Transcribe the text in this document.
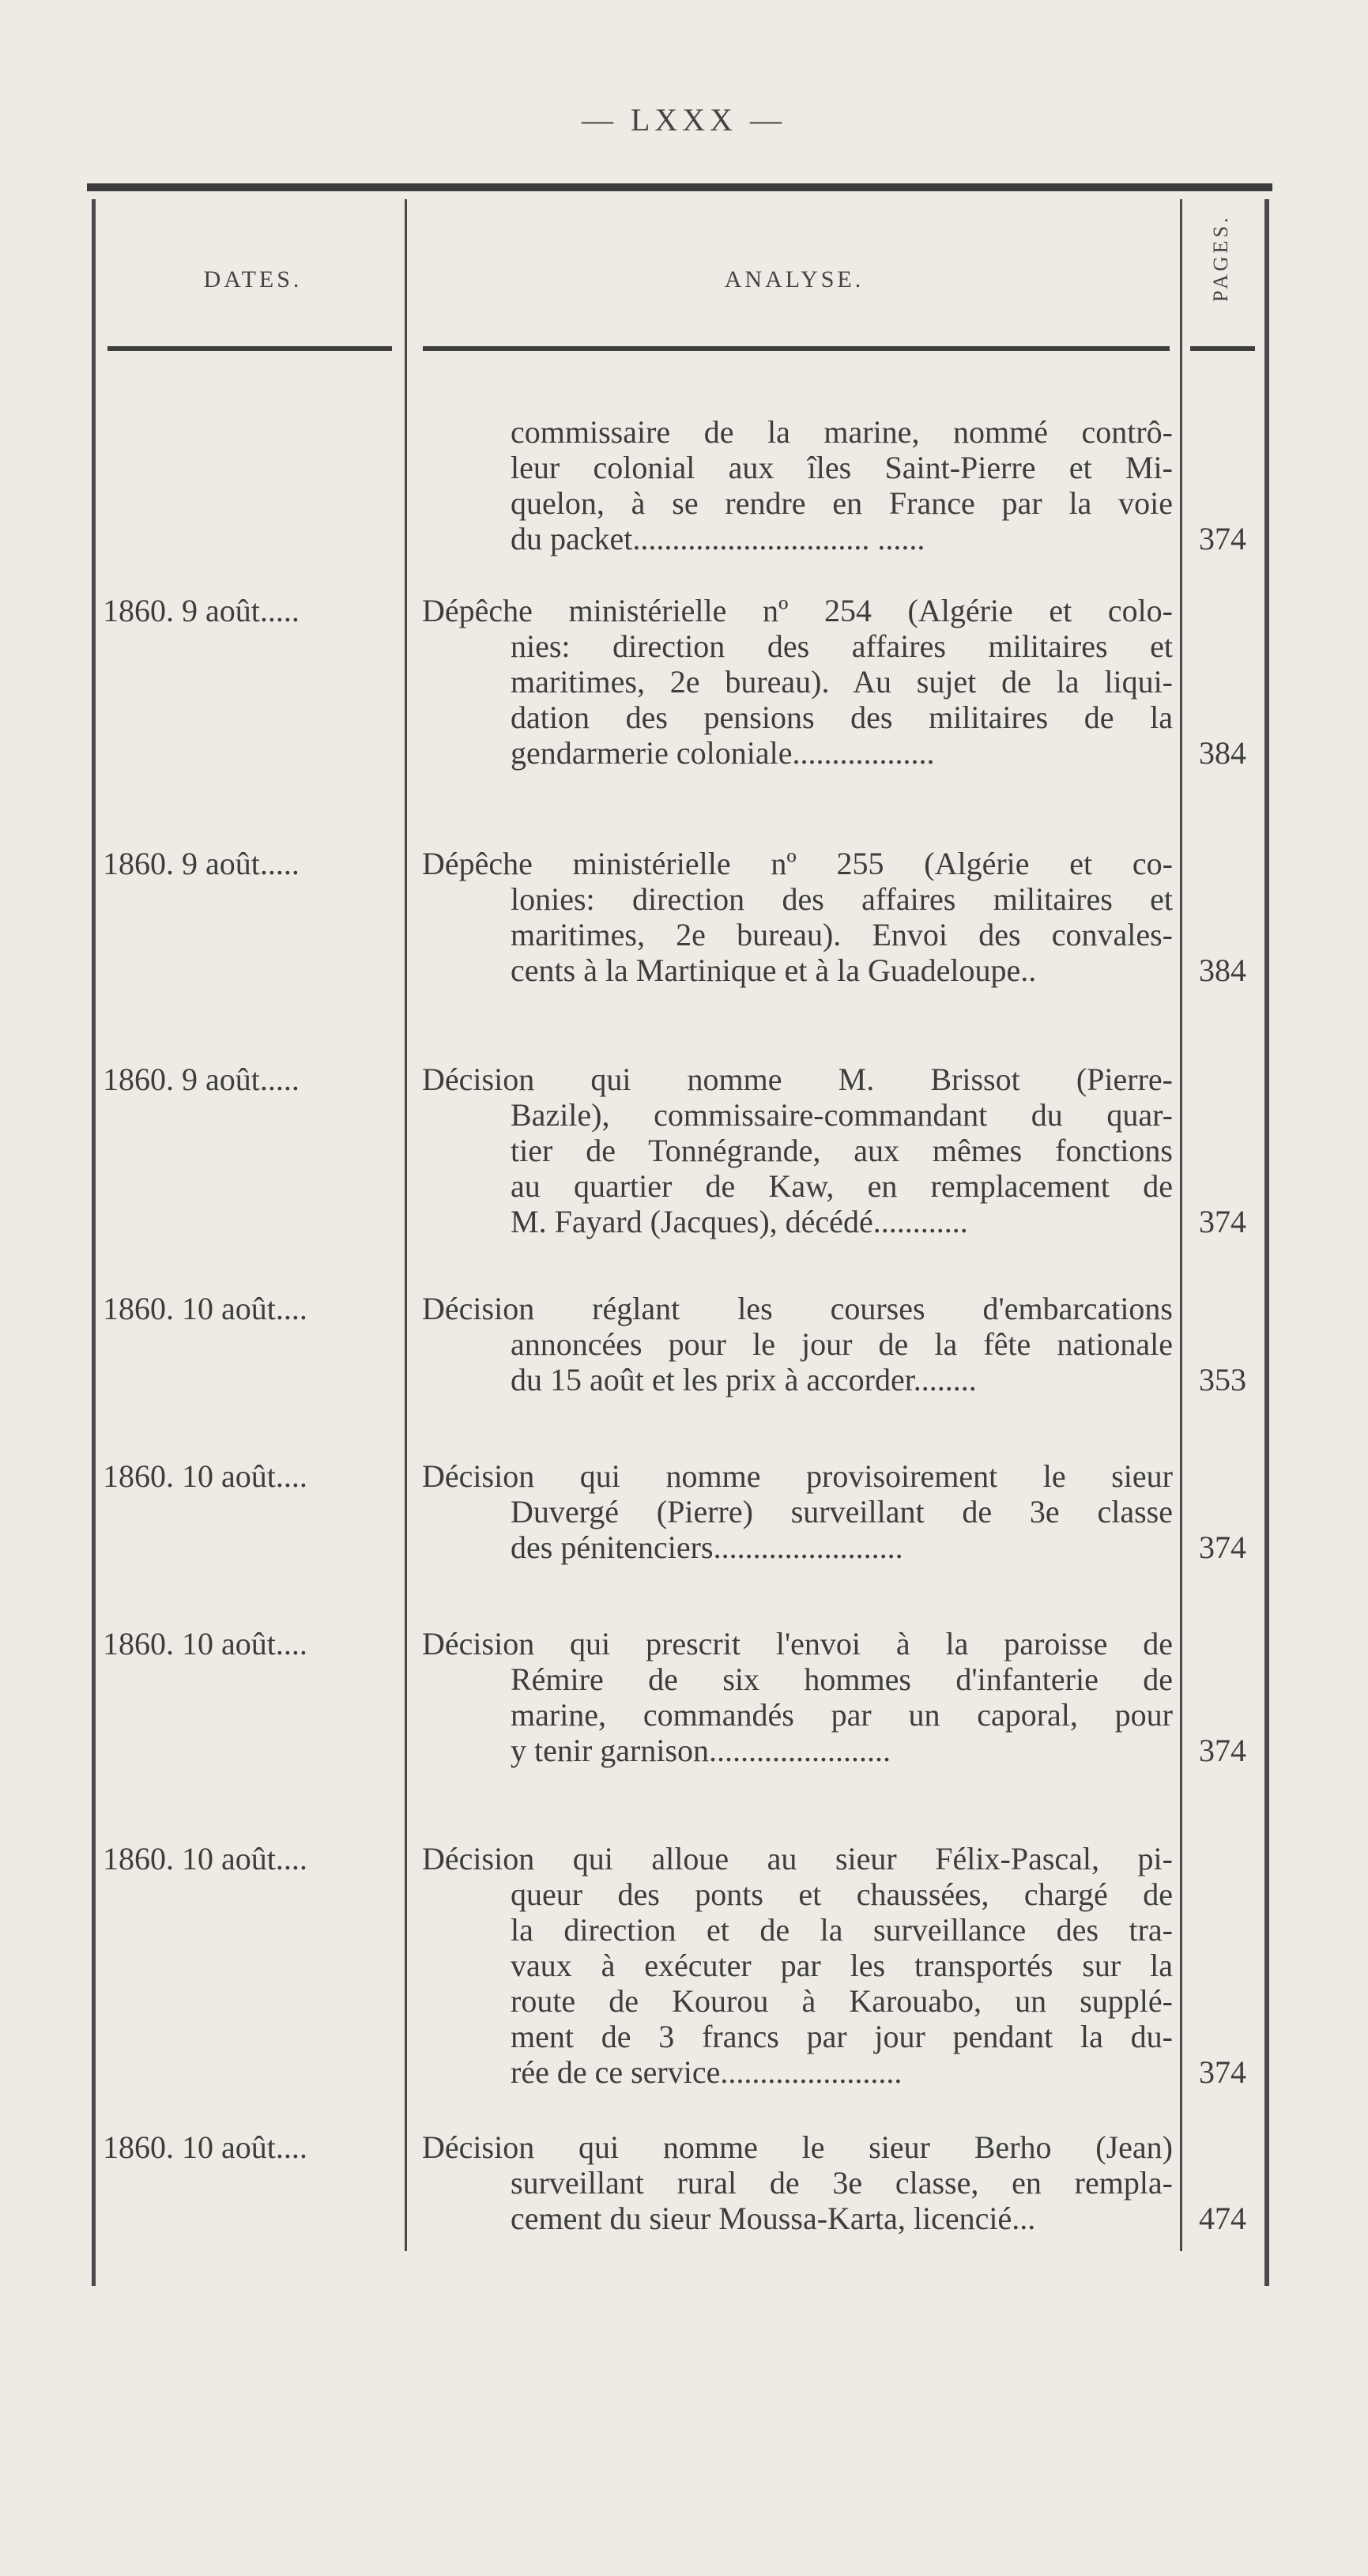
— LXXX —
DATES.	ANALYSE.	PAGES.
commissaire de la marine, nommé contrô-
leur colonial aux îles Saint-Pierre et Mi-
quelon, à se rendre en France par la voie
du packet.............................. ......	374
1860. 9 août.....	Dépêche ministérielle nº 254 (Algérie et colo-
nies: direction des affaires militaires et
maritimes, 2e bureau). Au sujet de la liqui-
dation des pensions des militaires de la
gendarmerie coloniale..................	384
1860. 9 août.....	Dépêche ministérielle nº 255 (Algérie et co-
lonies: direction des affaires militaires et
maritimes, 2e bureau). Envoi des convales-
cents à la Martinique et à la Guadeloupe..	384
1860. 9 août.....	Décision qui nomme M. Brissot (Pierre-
Bazile), commissaire-commandant du quar-
tier de Tonnégrande, aux mêmes fonctions
au quartier de Kaw, en remplacement de
M. Fayard (Jacques), décédé............	374
1860. 10 août....	Décision réglant les courses d'embarcations
annoncées pour le jour de la fête nationale
du 15 août et les prix à accorder........	353
1860. 10 août....	Décision qui nomme provisoirement le sieur
Duvergé (Pierre) surveillant de 3e classe
des pénitenciers........................	374
1860. 10 août....	Décision qui prescrit l'envoi à la paroisse de
Rémire de six hommes d'infanterie de
marine, commandés par un caporal, pour
y tenir garnison.......................	374
1860. 10 août....	Décision qui alloue au sieur Félix-Pascal, pi-
queur des ponts et chaussées, chargé de
la direction et de la surveillance des tra-
vaux à exécuter par les transportés sur la
route de Kourou à Karouabo, un supplé-
ment de 3 francs par jour pendant la du-
rée de ce service.......................	374
1860. 10 août....	Décision qui nomme le sieur Berho (Jean)
surveillant rural de 3e classe, en rempla-
cement du sieur Moussa-Karta, licencié...	474
